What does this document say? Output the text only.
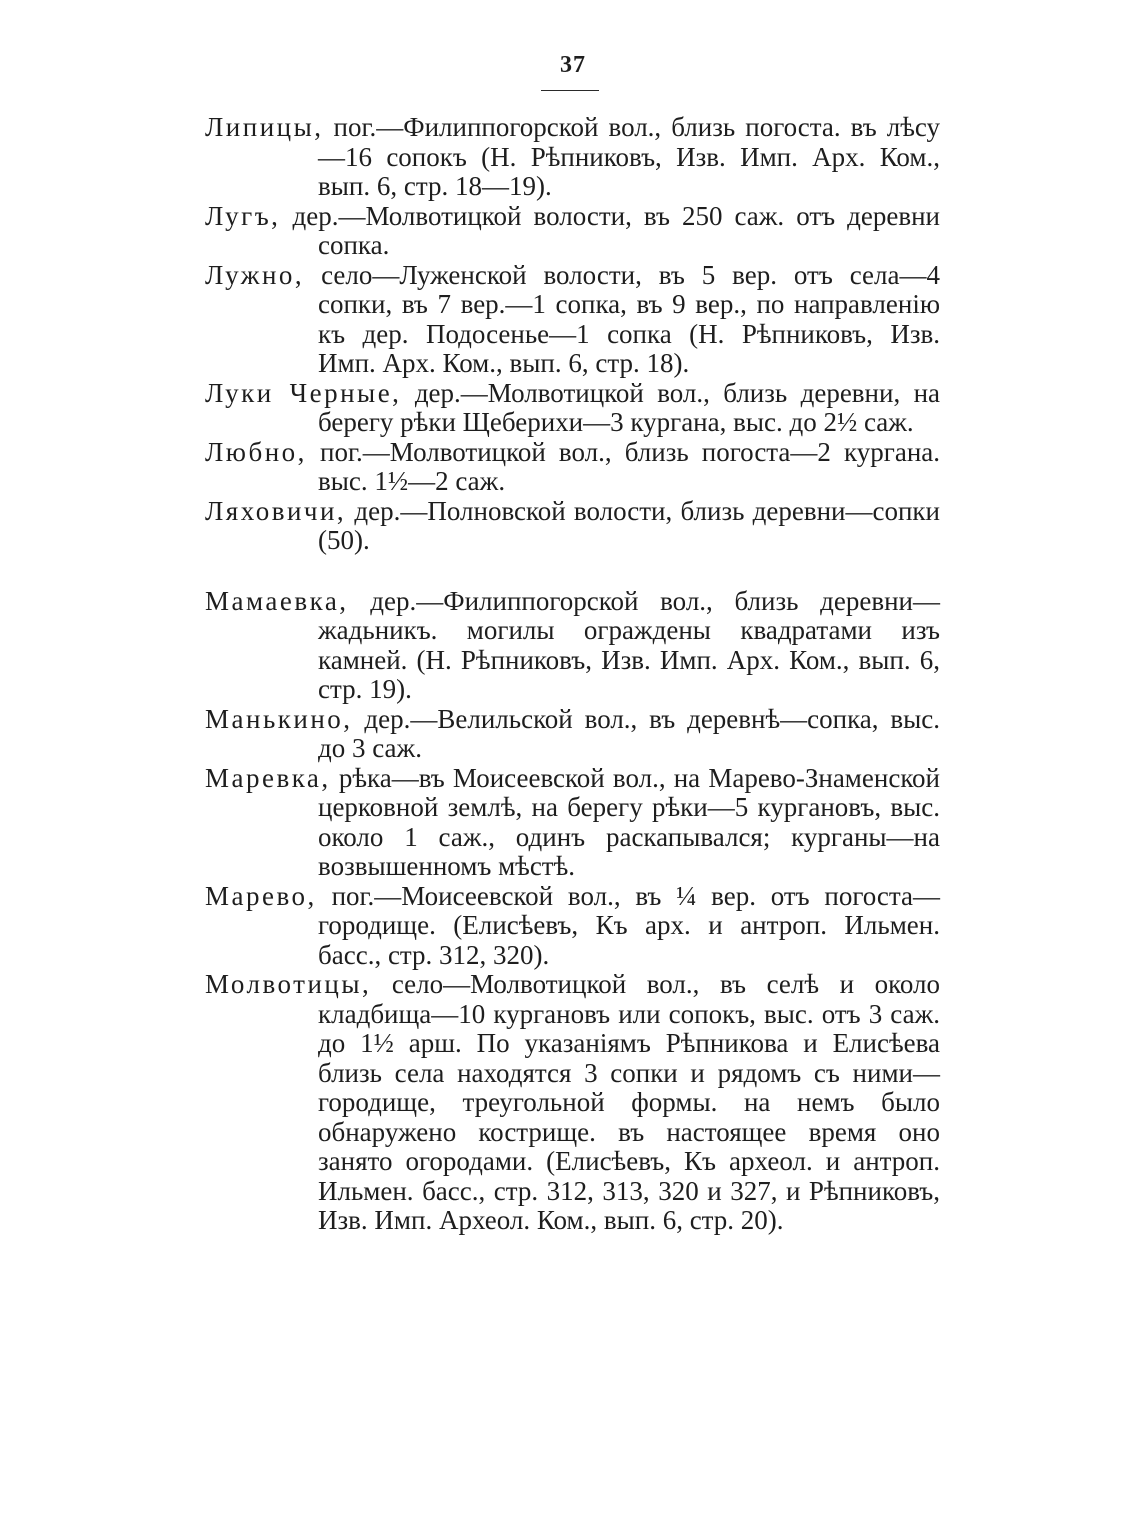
37

Липицы, пог.—Филиппогорской вол., близь погоста. въ лѣсу—16 сопокъ (Н. Рѣпниковъ, Изв. Имп. Арх. Ком., вып. 6, стр. 18—19).

Лугъ, дер.—Молвотицкой волости, въ 250 саж. отъ деревни сопка.

Лужно, село—Луженской волости, въ 5 вер. отъ села—4 сопки, въ 7 вер.—1 сопка, въ 9 вер., по направленію къ дер. Подосенье—1 сопка (Н. Рѣпниковъ, Изв. Имп. Арх. Ком., вып. 6, стр. 18).

Луки Черные, дер.—Молвотицкой вол., близь деревни, на берегу рѣки Щеберихи—3 кургана, выс. до 2½ саж.

Любно, пог.—Молвотицкой вол., близь погоста—2 кургана. выс. 1½—2 саж.

Ляховичи, дер.—Полновской волости, близь деревни—сопки (50).

Мамаевка, дер.—Филиппогорской вол., близь деревни—жадьникъ. могилы ограждены квадратами изъ камней. (Н. Рѣпниковъ, Изв. Имп. Арх. Ком., вып. 6, стр. 19).

Манькино, дер.—Велильской вол., въ деревнѣ—сопка, выс. до 3 саж.

Маревка, рѣка—въ Моисеевской вол., на Марево-Знаменской церковной землѣ, на берегу рѣки—5 кургановъ, выс. около 1 саж., одинъ раскапывался; курганы—на возвышенномъ мѣстѣ.

Марево, пог.—Моисеевской вол., въ ¼ вер. отъ погоста—городище. (Елисѣевъ, Къ арх. и антроп. Ильмен. басс., стр. 312, 320).

Молвотицы, село—Молвотицкой вол., въ селѣ и около кладбища—10 кургановъ или сопокъ, выс. отъ 3 саж. до 1½ арш. По указаніямъ Рѣпникова и Елисѣева близь села находятся 3 сопки и рядомъ съ ними—городище, треугольной формы. на немъ было обнаружено кострище. въ настоящее время оно занято огородами. (Елисѣевъ, Къ археол. и антроп. Ильмен. басс., стр. 312, 313, 320 и 327, и Рѣпниковъ, Изв. Имп. Археол. Ком., вып. 6, стр. 20).
